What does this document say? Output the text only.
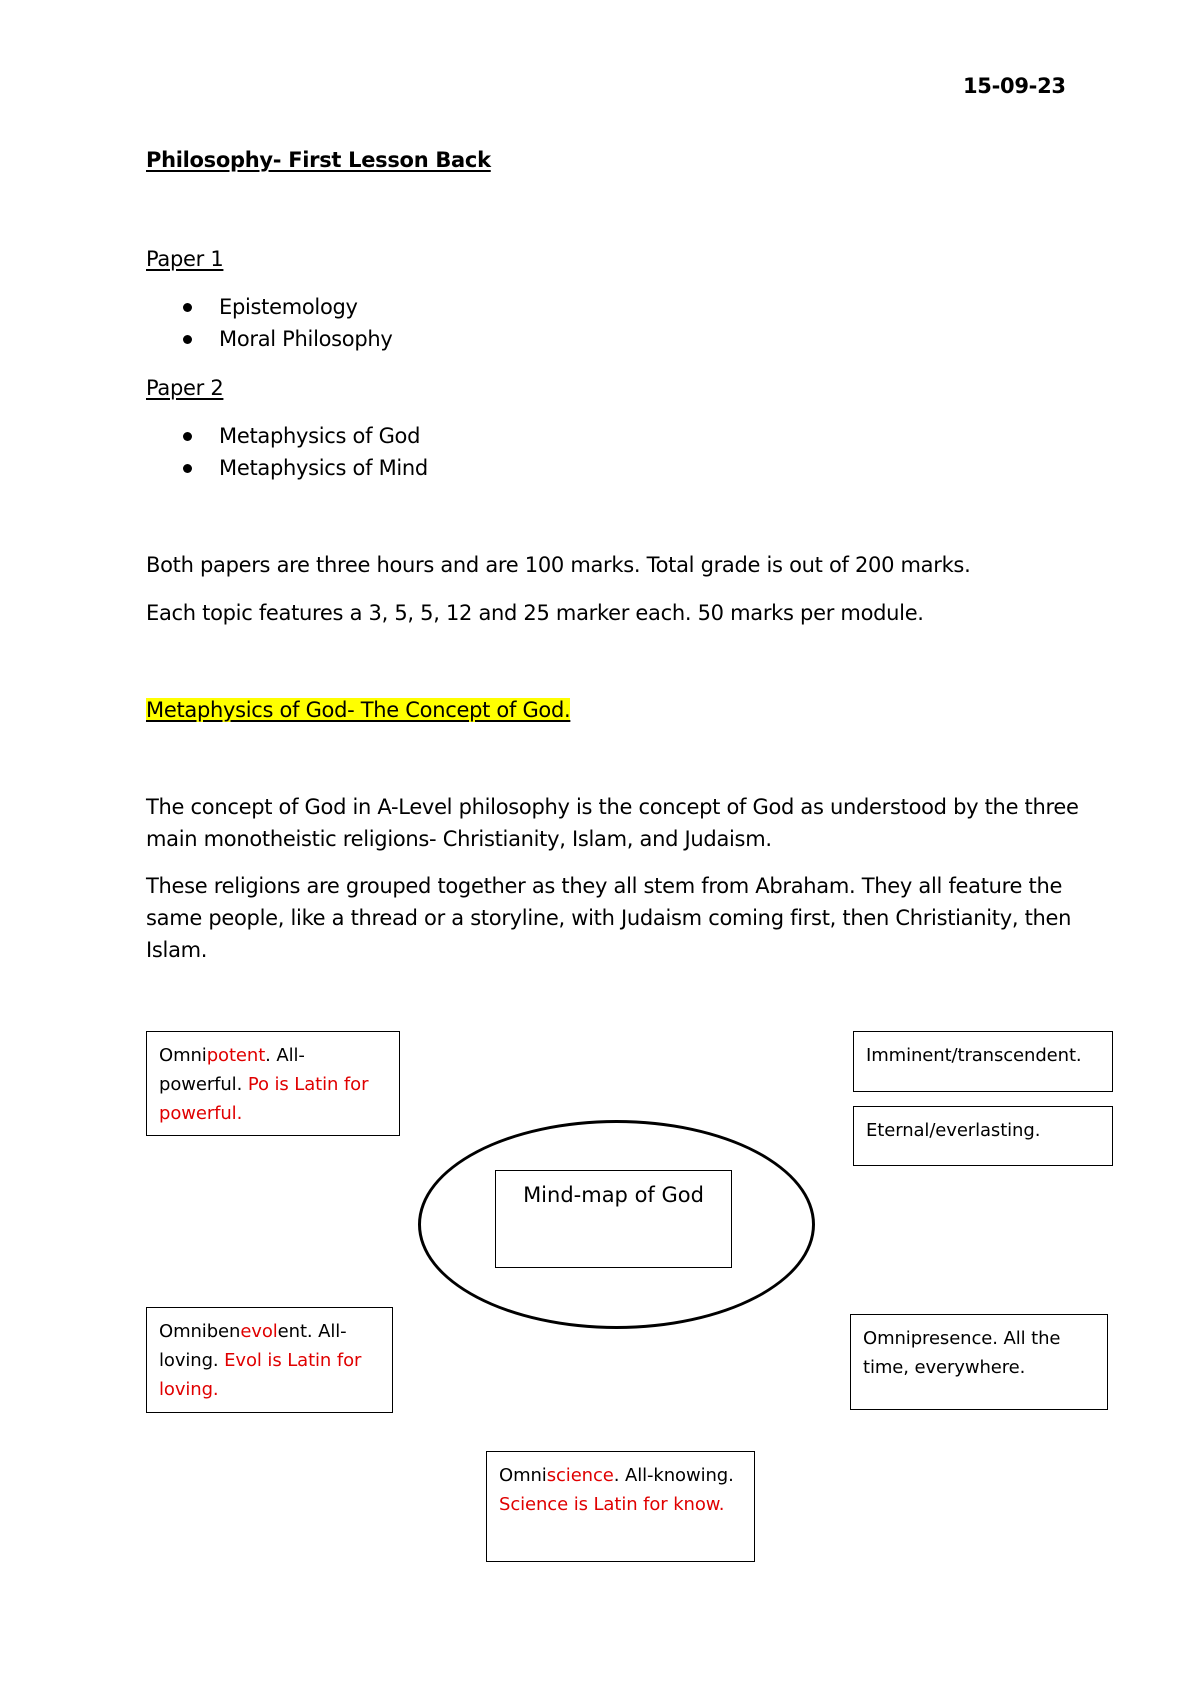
15-09-23
Philosophy- First Lesson Back
Paper 1
Epistemology
Moral Philosophy
Paper 2
Metaphysics of God
Metaphysics of Mind
Both papers are three hours and are 100 marks. Total grade is out of 200 marks.
Each topic features a 3, 5, 5, 12 and 25 marker each. 50 marks per module.
Metaphysics of God- The Concept of God.
The concept of God in A-Level philosophy is the concept of God as understood by the three
main monotheistic religions- Christianity, Islam, and Judaism.
These religions are grouped together as they all stem from Abraham. They all feature the
same people, like a thread or a storyline, with Judaism coming first, then Christianity, then
Islam.
Omnipotent. All-
powerful. Po is Latin for
powerful.
Imminent/transcendent.
Eternal/everlasting.
Mind-map of God
Omnibenevolent. All-
loving. Evol is Latin for
loving.
Omnipresence. All the
time, everywhere.
Omniscience. All-knowing.
Science is Latin for know.
